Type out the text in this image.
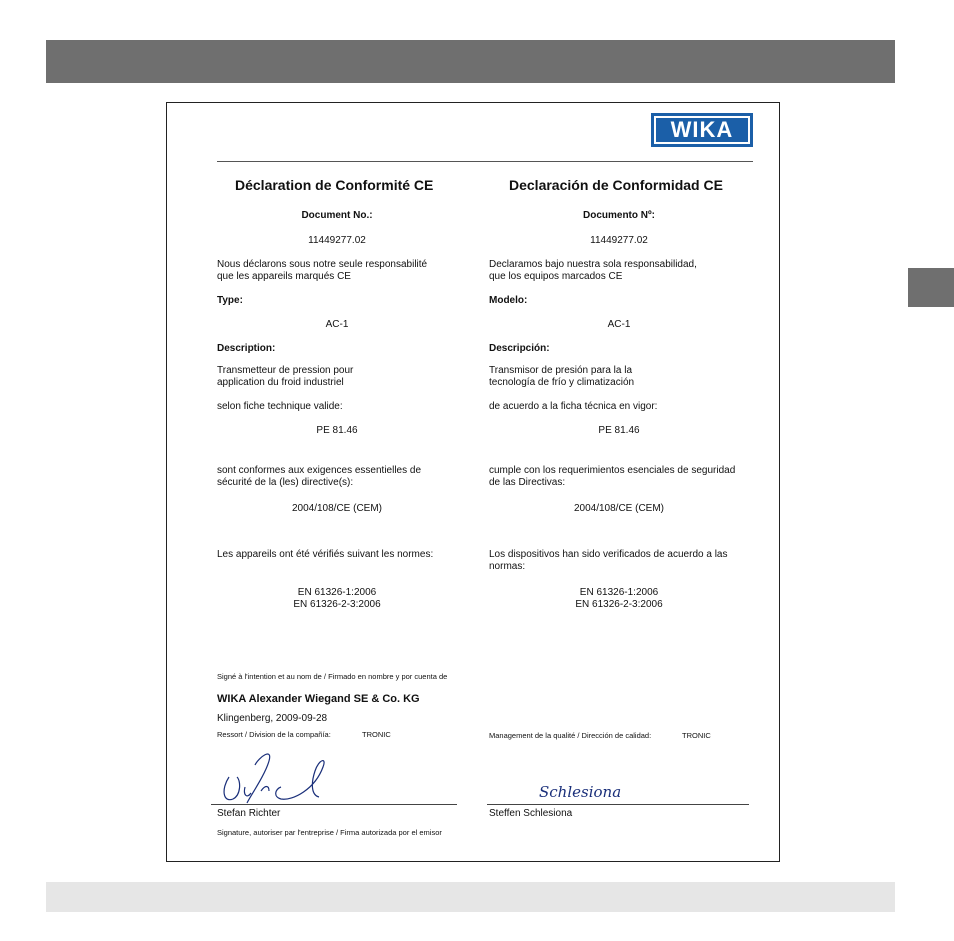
WIKA
Déclaration de Conformité CE
Document No.:
11449277.02
Nous déclarons sous notre seule responsabilité
que les appareils marqués CE
Type:
AC-1
Description:
Transmetteur de pression pour
application du froid industriel
selon fiche technique valide:
PE 81.46
sont conformes aux exigences essentielles de
sécurité de la (les) directive(s):
2004/108/CE (CEM)
Les appareils ont été vérifiés suivant les normes:
EN 61326-1:2006
EN 61326-2-3:2006
Declaración de Conformidad CE
Documento Nº:
11449277.02
Declaramos bajo nuestra sola responsabilidad,
que los equipos marcados CE
Modelo:
AC-1
Descripción:
Transmisor de presión para la la
tecnología de frío y climatización
de acuerdo a la ficha técnica en vigor:
PE 81.46
cumple con los requerimientos esenciales de seguridad
de las Directivas:
2004/108/CE (CEM)
Los dispositivos han sido verificados de acuerdo a las
normas:
EN 61326-1:2006
EN 61326-2-3:2006
Signé à l'intention et au nom de / Firmado en nombre y por cuenta de
WIKA Alexander Wiegand SE & Co. KG
Klingenberg, 2009-09-28
Ressort / Division de la compañía:	TRONIC	Management de la qualité / Dirección de calidad:	TRONIC
Stefan Richter
Signature, autoriser par l'entreprise / Firma autorizada por el emisor
Schlesiona
Steffen Schlesiona
